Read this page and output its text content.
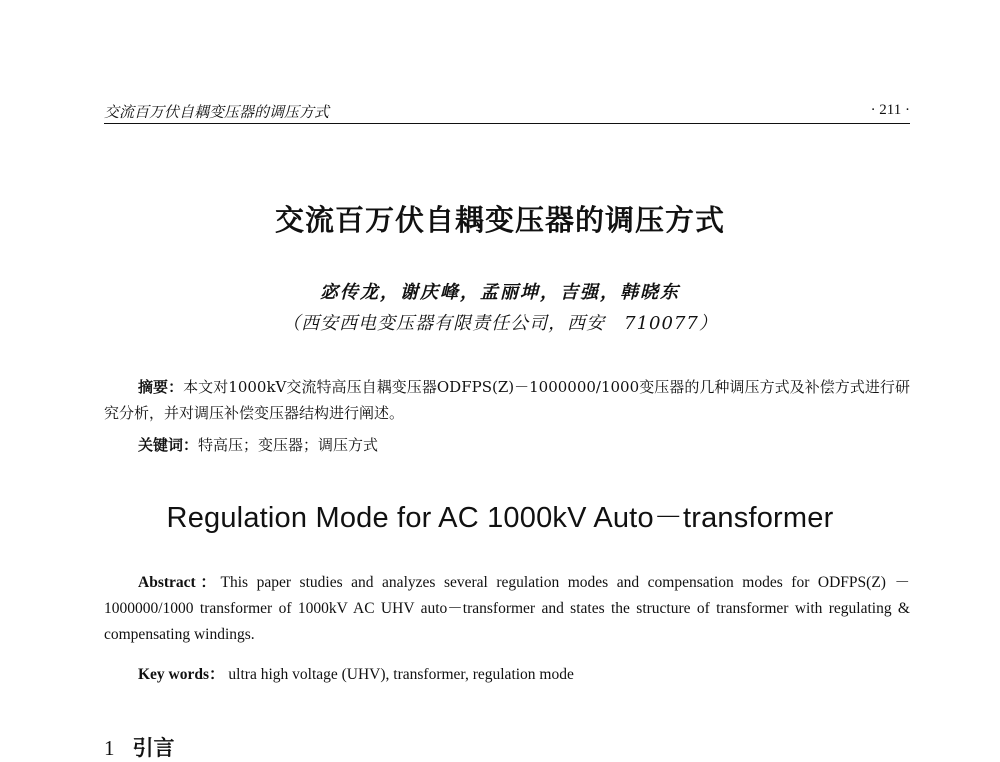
交流百万伏自耦变压器的调压方式	· 211 ·
交流百万伏自耦变压器的调压方式
宓传龙，谢庆峰，孟丽坤，吉强，韩晓东
（西安西电变压器有限责任公司，西安　710077）
摘要：本文对1000kV交流特高压自耦变压器ODFPS(Z)－1000000/1000变压器的几种调压方式及补偿方式进行研究分析，并对调压补偿变压器结构进行阐述。
关键词：特高压；变压器；调压方式
Regulation Mode for AC 1000kV Auto－transformer
Abstract：This paper studies and analyzes several regulation modes and compensation modes for ODFPS(Z) －1000000/1000 transformer of 1000kV AC UHV auto－transformer and states the structure of transformer with regulating & compensating windings.
Key words： ultra high voltage (UHV), transformer, regulation mode
1 引言
